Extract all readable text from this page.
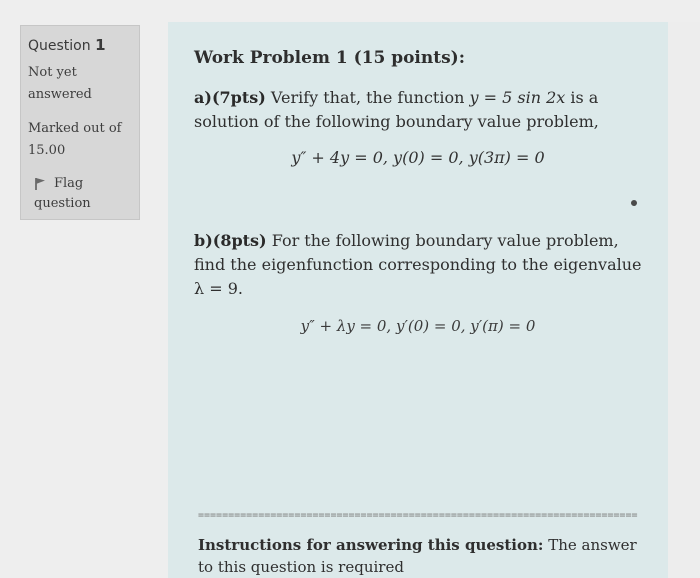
Question 1
Not yet
answered
Marked out of
15.00
Flag
question
Work Problem 1 (15 points):
a)(7pts) Verify that, the function y = 5 sin 2x is a solution of the following boundary value problem,
y″ + 4y = 0, y(0) = 0, y(3π) = 0
b)(8pts) For the following boundary value problem, find the eigenfunction corresponding to the eigenvalue λ = 9.
y″ + λy = 0, y′(0) = 0, y′(π) = 0
=========================================================================
Instructions for answering this question: The answer to this question is required
